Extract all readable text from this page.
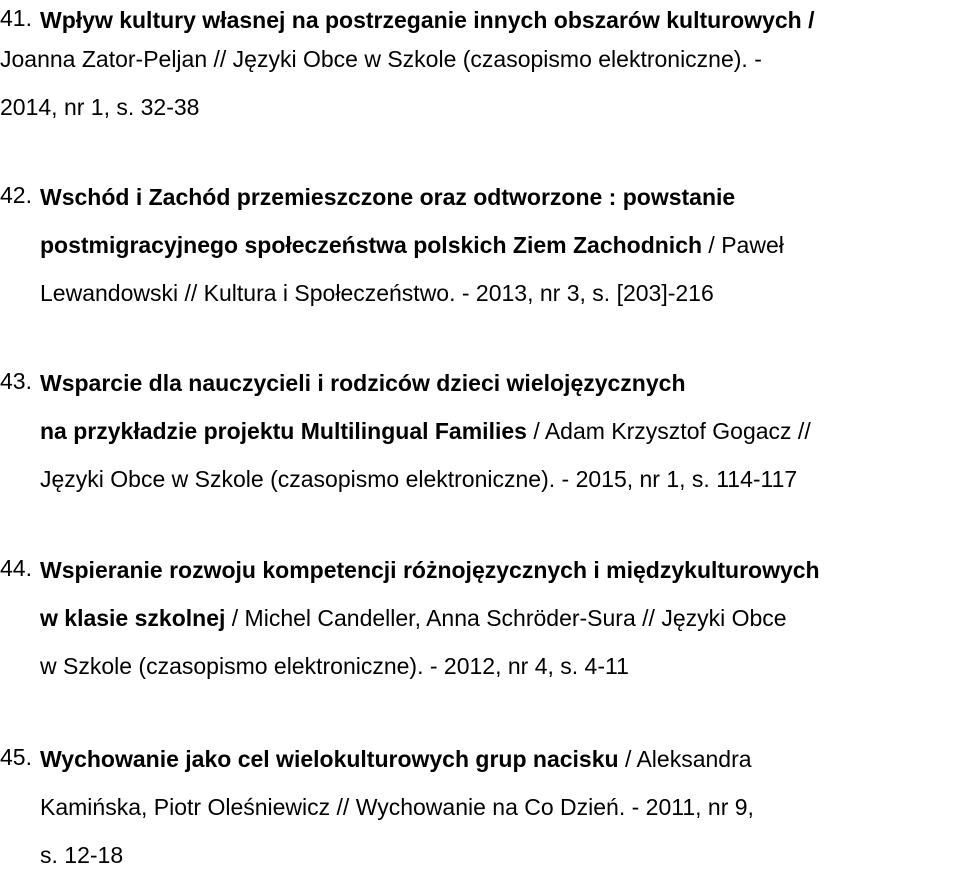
41. Wpływ kultury własnej na postrzeganie innych obszarów kulturowych /
Joanna Zator-Peljan // Języki Obce w Szkole (czasopismo elektroniczne). -
2014, nr 1, s. 32-38
42. Wschód i Zachód przemieszczone oraz odtworzone : powstanie
postmigracyjnego społeczeństwa polskich Ziem Zachodnich / Paweł
Lewandowski // Kultura i Społeczeństwo. - 2013, nr 3, s. [203]-216
43. Wsparcie dla nauczycieli i rodziców dzieci wielojęzycznych
na przykładzie projektu Multilingual Families / Adam Krzysztof Gogacz //
Języki Obce w Szkole (czasopismo elektroniczne). - 2015, nr 1, s. 114-117
44. Wspieranie rozwoju kompetencji różnojęzycznych i międzykulturowych
w klasie szkolnej / Michel Candeller, Anna Schröder-Sura // Języki Obce
w Szkole (czasopismo elektroniczne). - 2012, nr 4, s. 4-11
45. Wychowanie jako cel wielokulturowych grup nacisku / Aleksandra
Kamińska, Piotr Oleśniewicz // Wychowanie na Co Dzień. - 2011, nr 9,
s. 12-18
